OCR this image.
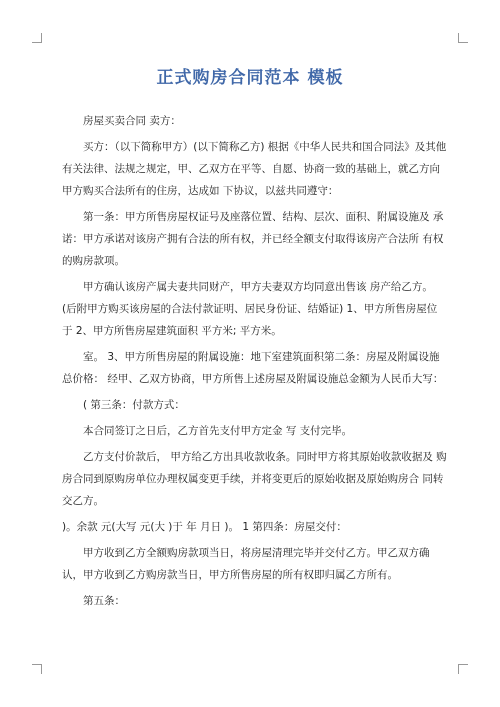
正式购房合同范本 模板

房屋买卖合同 卖方：

买方：（以下简称甲方）(以下简称乙方) 根据《中华人民共和国合同法》及其他有关法律、法规之规定，甲、乙双方在平等、自愿、协商一致的基础上，就乙方向甲方购买合法所有的住房，达成如 下协议，以兹共同遵守：

第一条：甲方所售房屋权证号及座落位置、结构、层次、面积、附属设施及 承诺：甲方承诺对该房产拥有合法的所有权，并已经全额支付取得该房产合法所 有权的购房款项。

甲方确认该房产属夫妻共同财产，甲方夫妻双方均同意出售该 房产给乙方。(后附甲方购买该房屋的合法付款证明、居民身份证、结婚证) 1、甲方所售房屋位于 2、甲方所售房屋建筑面积 平方米; 平方米。

室。 3、甲方所售房屋的附属设施：地下室建筑面积第二条：房屋及附属设施总价格： 经甲、乙双方协商，甲方所售上述房屋及附属设施总金额为人民币大写：

( 第三条：付款方式：

本合同签订之日后，乙方首先支付甲方定金 写 支付完毕。

乙方支付价款后， 甲方给乙方出具收款收条。同时甲方将其原始收款收据及 购房合同到原购房单位办理权属变更手续，并将变更后的原始收据及原始购房合 同转交乙方。

)。余款 元(大写 元(大 )于 年 月日 )。 1 第四条：房屋交付：

甲方收到乙方全额购房款项当日，将房屋清理完毕并交付乙方。甲乙双方确 认，甲方收到乙方购房款当日，甲方所售房屋的所有权即归属乙方所有。

第五条：
